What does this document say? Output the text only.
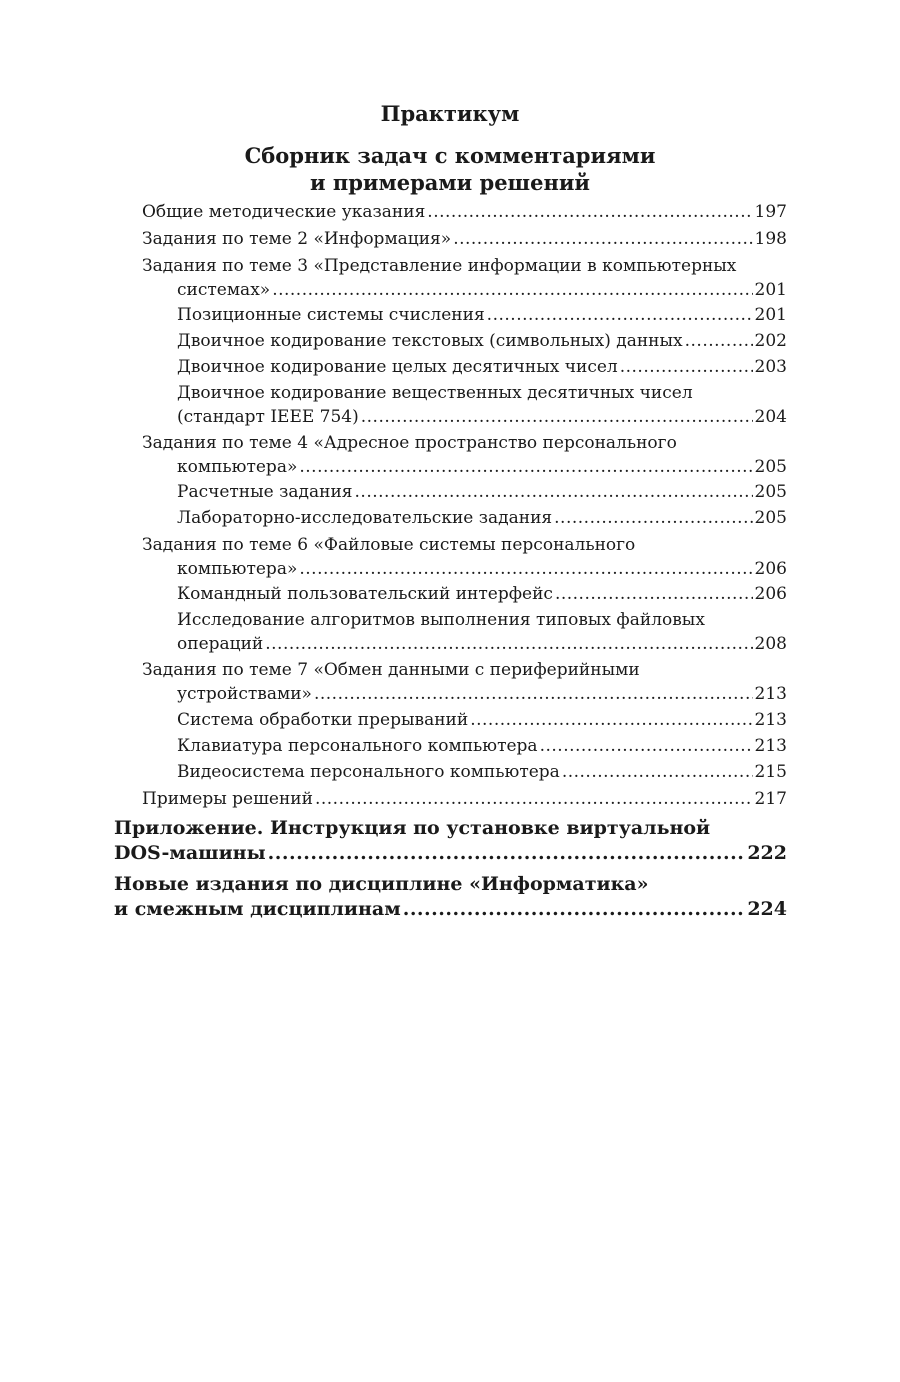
Практикум
Сборник задач с комментариями
и примерами решений
Общие методические указания .....	197
Задания по теме 2 «Информация» .....	198
Задания по теме 3 «Представление информации в компьютерных
системах» .....	201
Позиционные системы счисления .....	201
Двоичное кодирование текстовых (символьных) данных .....	202
Двоичное кодирование целых десятичных чисел .....	203
Двоичное кодирование вещественных десятичных чисел
(стандарт IEEE 754) .....	204
Задания по теме 4 «Адресное пространство персонального
компьютера» .....	205
Расчетные задания .....	205
Лабораторно-исследовательские задания .....	205
Задания по теме 6 «Файловые системы персонального
компьютера» .....	206
Командный пользовательский интерфейс .....	206
Исследование алгоритмов выполнения типовых файловых
операций .....	208
Задания по теме 7 «Обмен данными с периферийными
устройствами» .....	213
Система обработки прерываний .....	213
Клавиатура персонального компьютера .....	213
Видеосистема персонального компьютера .....	215
Примеры решений .....	217
Приложение. Инструкция по установке виртуальной
DOS-машины .....	222
Новые издания по дисциплине «Информатика»
и смежным дисциплинам .....	224
